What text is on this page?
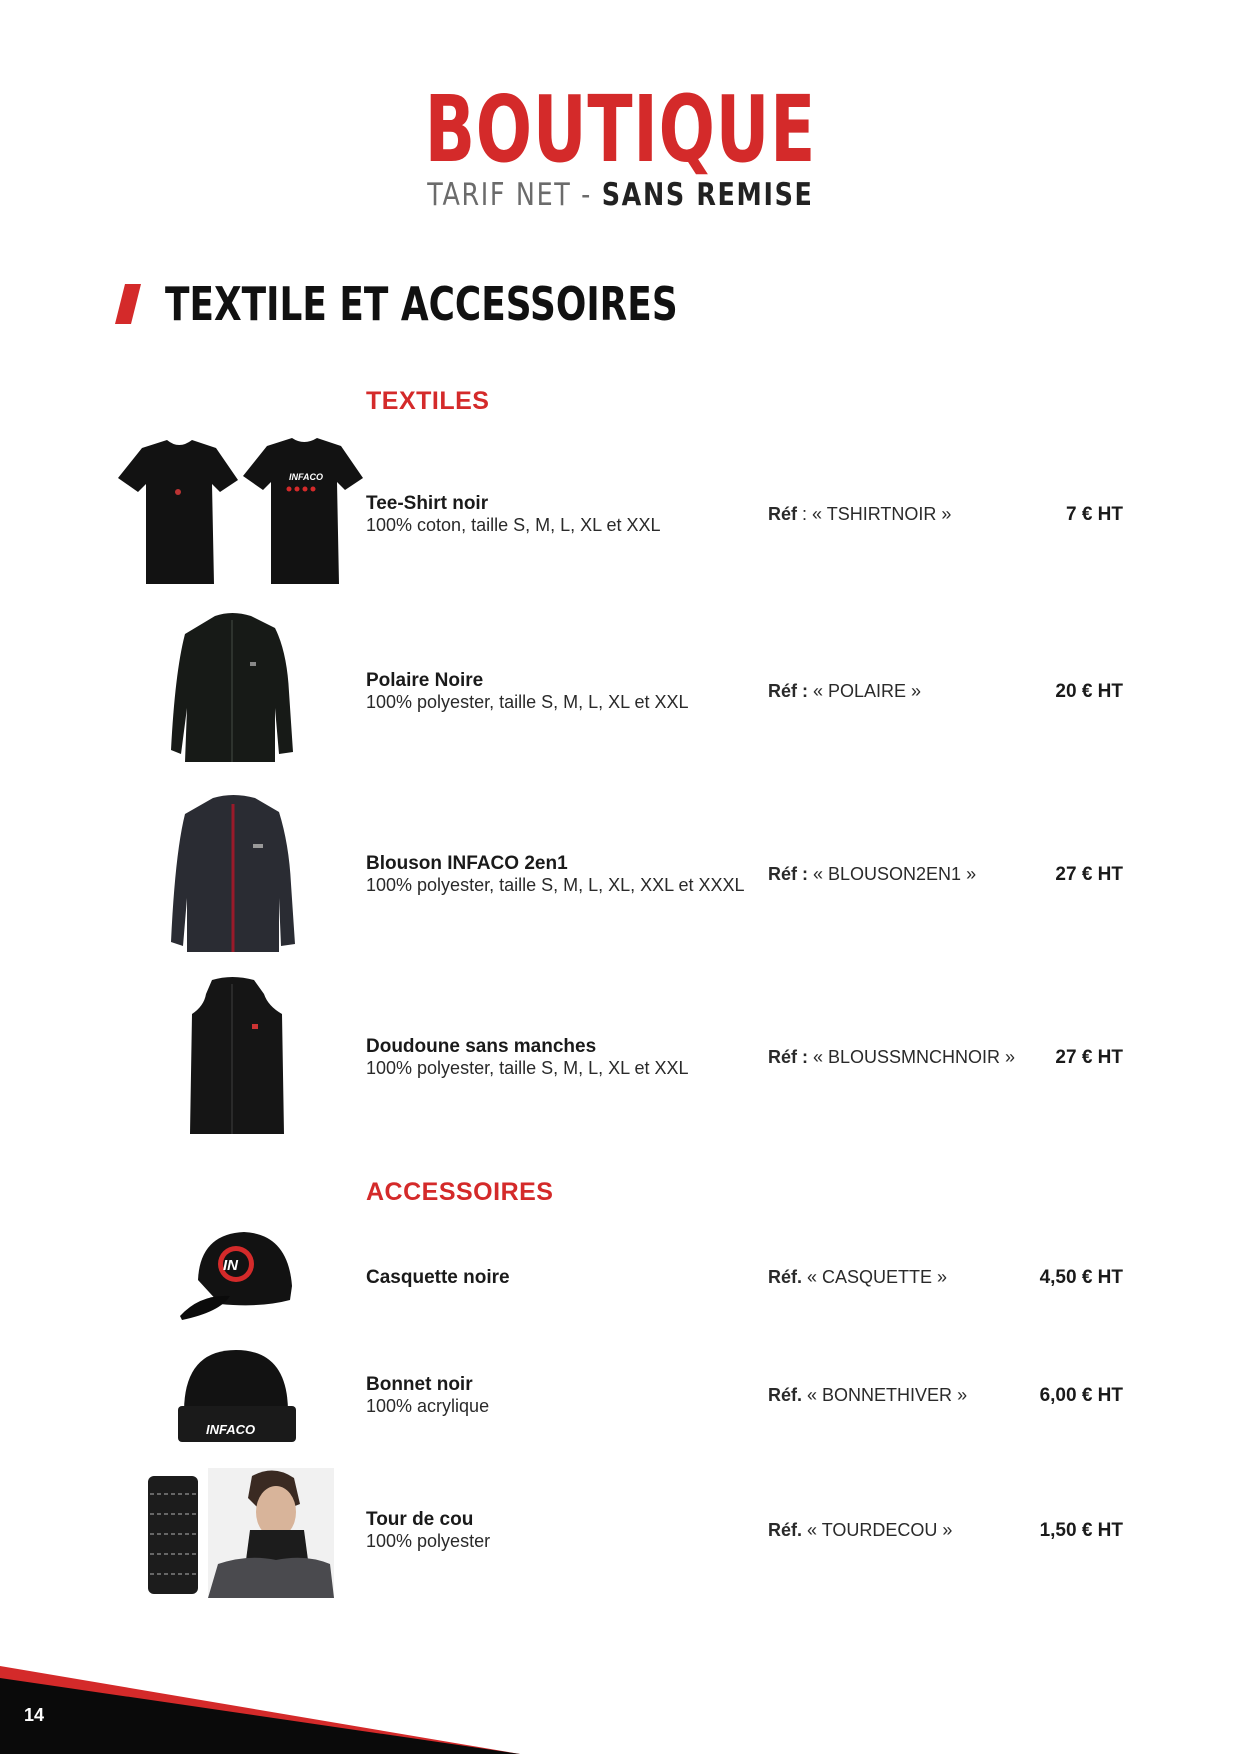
BOUTIQUE
TARIF NET - SANS REMISE
TEXTILE ET ACCESSOIRES
TEXTILES
ACCESSOIRES
INFACO
Tee-Shirt noir
100% coton, taille S, M, L, XL et XXL
Réf : « TSHIRTNOIR »	7 € HT
Polaire Noire
100% polyester, taille S, M, L, XL et XXL
Réf : « POLAIRE »	20 € HT
Blouson INFACO 2en1
100% polyester, taille S, M, L, XL, XXL et XXXL
Réf : « BLOUSON2EN1 »	27 € HT
Doudoune sans manches
100% polyester, taille S, M, L, XL et XXL
Réf : « BLOUSSMNCHNOIR » 27 € HT
IN
Casquette noire	Réf. « CASQUETTE »	4,50 € HT
INFACO
Bonnet noir
100% acrylique
Réf. « BONNETHIVER »	6,00 € HT
Tour de cou
100% polyester
Réf. « TOURDECOU »	1,50 € HT
14
